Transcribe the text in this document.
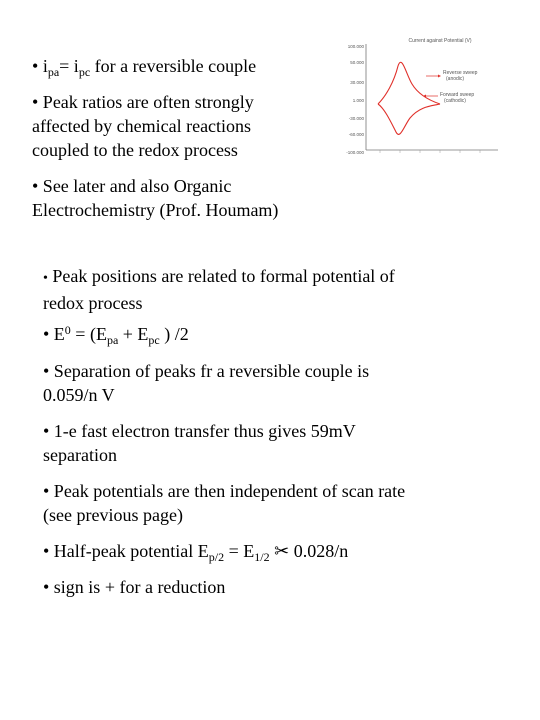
• $i_{pa}= i_{pc}$ for a reversible couple
• Peak ratios are often strongly
affected by chemical reactions
coupled to the redox process
• See later and also Organic
Electrochemistry (Prof. Houmam)
Current against Potential (V)
100.000
50.000
30.000
1.000
-30.000
-60.000
-100.000
Reverse sweep
(anodic)
Forward sweep
(cathodic)
• Peak positions are related to formal potential of
redox process
• $E^0 = (E_{pa} + E_{pc}$ ) /2
• Separation of peaks fr a reversible couple is
0.059/n V
• 1-e fast electron transfer thus gives 59mV
separation
• Peak potentials are then independent of scan rate
(see previous page)
• Half-peak potential $E_{p/2} = E_{1/2}$ ✂ 0.028/n
• sign is + for a reduction
